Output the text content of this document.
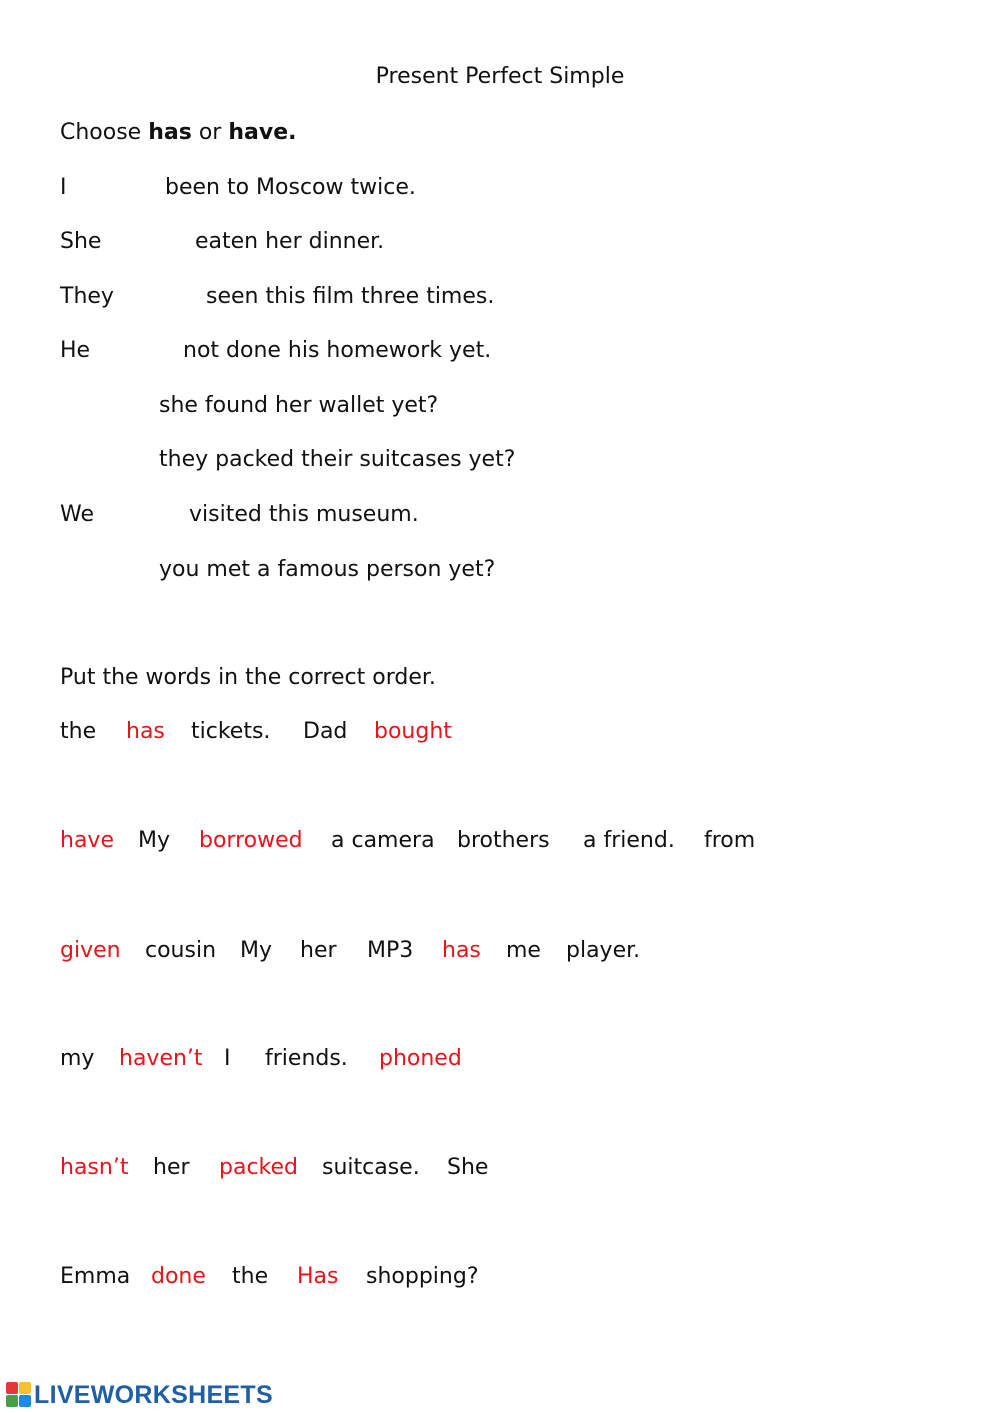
Present Perfect Simple
Choose has or have.
I	been to Moscow twice.
She	eaten her dinner.
They	seen this film three times.
He	not done his homework yet.
she found her wallet yet?
they packed their suitcases yet?
We	visited this museum.
you met a famous person yet?
Put the words in the correct order.
the has tickets. Dad bought
have My borrowed a camera brothers a friend. from
given cousin My her MP3 has me player.
my haven’t I friends. phoned
hasn’t her packed suitcase. She
Emma done the Has shopping?
LIVEWORKSHEETS
